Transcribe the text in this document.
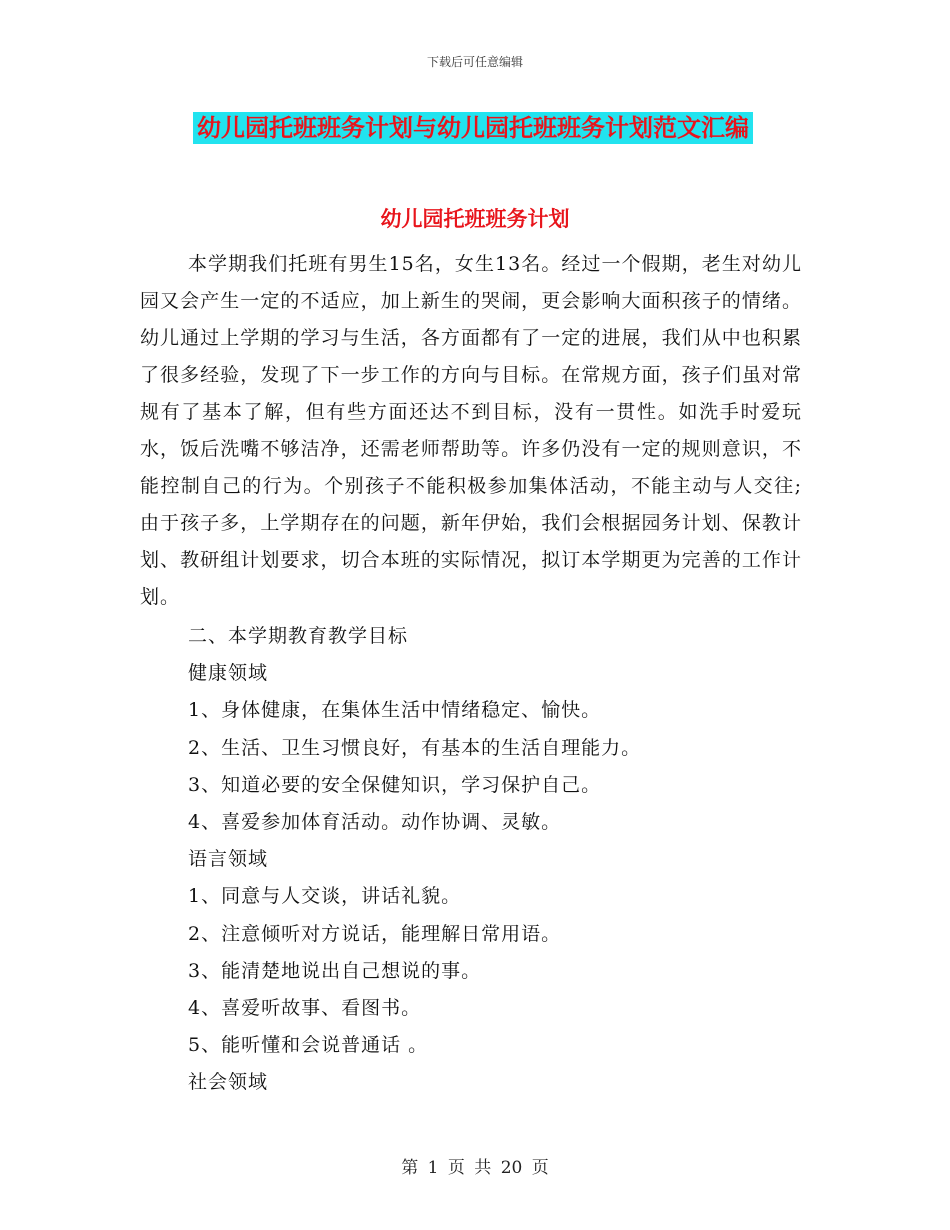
下载后可任意编辑
幼儿园托班班务计划与幼儿园托班班务计划范文汇编
幼儿园托班班务计划
本学期我们托班有男生15名，女生13名。经过一个假期，老生对幼儿园又会产生一定的不适应，加上新生的哭闹，更会影响大面积孩子的情绪。幼儿通过上学期的学习与生活，各方面都有了一定的进展，我们从中也积累了很多经验，发现了下一步工作的方向与目标。在常规方面，孩子们虽对常规有了基本了解，但有些方面还达不到目标，没有一贯性。如洗手时爱玩水，饭后洗嘴不够洁净，还需老师帮助等。许多仍没有一定的规则意识，不能控制自己的行为。个别孩子不能积极参加集体活动，不能主动与人交往;由于孩子多，上学期存在的问题，新年伊始，我们会根据园务计划、保教计划、教研组计划要求，切合本班的实际情况，拟订本学期更为完善的工作计划。
二、本学期教育教学目标
健康领域
1、身体健康，在集体生活中情绪稳定、愉快。
2、生活、卫生习惯良好，有基本的生活自理能力。
3、知道必要的安全保健知识，学习保护自己。
4、喜爱参加体育活动。动作协调、灵敏。
语言领域
1、同意与人交谈，讲话礼貌。
2、注意倾听对方说话，能理解日常用语。
3、能清楚地说出自己想说的事。
4、喜爱听故事、看图书。
5、能听懂和会说普通话 。
社会领域
第 1 页 共 20 页
